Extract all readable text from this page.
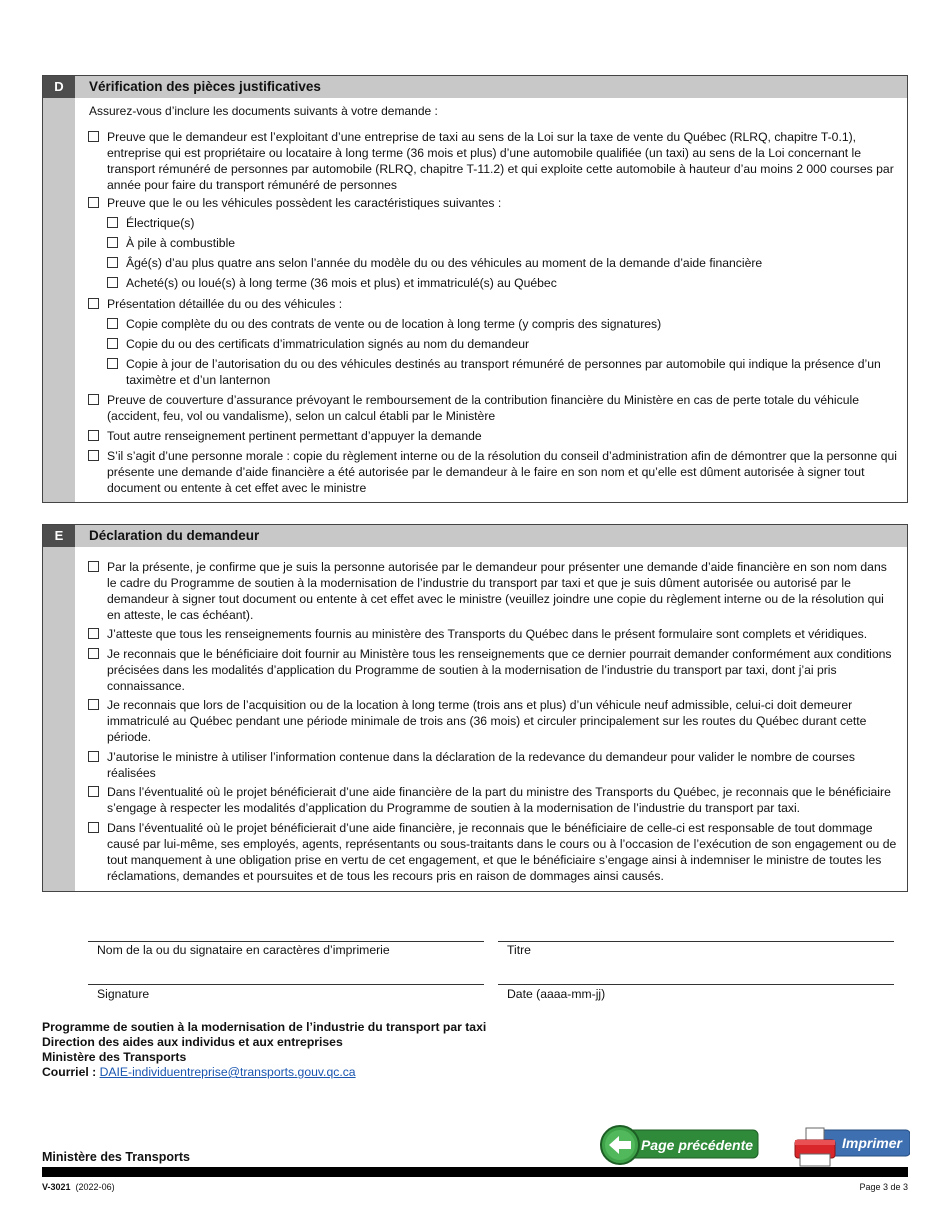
D	Vérification des pièces justificatives
Assurez-vous d’inclure les documents suivants à votre demande :
Preuve que le demandeur est l’exploitant d’une entreprise de taxi au sens de la Loi sur la taxe de vente du Québec (RLRQ, chapitre T-0.1), entreprise qui est propriétaire ou locataire à long terme (36 mois et plus) d’une automobile qualifiée (un taxi) au sens de la Loi concernant le transport rémunéré de personnes par automobile (RLRQ, chapitre T-11.2) et qui exploite cette automobile à hauteur d’au moins 2 000 courses par année pour faire du transport rémunéré de personnes
Preuve que le ou les véhicules possèdent les caractéristiques suivantes :
Électrique(s)
À pile à combustible
Âgé(s) d’au plus quatre ans selon l’année du modèle du ou des véhicules au moment de la demande d’aide financière
Acheté(s) ou loué(s) à long terme (36 mois et plus) et immatriculé(s) au Québec
Présentation détaillée du ou des véhicules :
Copie complète du ou des contrats de vente ou de location à long terme (y compris des signatures)
Copie du ou des certificats d’immatriculation signés au nom du demandeur
Copie à jour de l’autorisation du ou des véhicules destinés au transport rémunéré de personnes par automobile qui indique la présence d’un taximètre et d’un lanternon
Preuve de couverture d’assurance prévoyant le remboursement de la contribution financière du Ministère en cas de perte totale du véhicule (accident, feu, vol ou vandalisme), selon un calcul établi par le Ministère
Tout autre renseignement pertinent permettant d’appuyer la demande
S’il s’agit d’une personne morale : copie du règlement interne ou de la résolution du conseil d’administration afin de démontrer que la personne qui présente une demande d’aide financière a été autorisée par le demandeur à le faire en son nom et qu’elle est dûment autorisée à signer tout document ou entente à cet effet avec le ministre
E	Déclaration du demandeur
Par la présente, je confirme que je suis la personne autorisée par le demandeur pour présenter une demande d’aide financière en son nom dans le cadre du Programme de soutien à la modernisation de l’industrie du transport par taxi et que je suis dûment autorisée ou autorisé par le demandeur à signer tout document ou entente à cet effet avec le ministre (veuillez joindre une copie du règlement interne ou de la résolution qui en atteste, le cas échéant).
J’atteste que tous les renseignements fournis au ministère des Transports du Québec dans le présent formulaire sont complets et véridiques.
Je reconnais que le bénéficiaire doit fournir au Ministère tous les renseignements que ce dernier pourrait demander conformément aux conditions précisées dans les modalités d’application du Programme de soutien à la modernisation de l’industrie du transport par taxi, dont j’ai pris connaissance.
Je reconnais que lors de l’acquisition ou de la location à long terme (trois ans et plus) d’un véhicule neuf admissible, celui-ci doit demeurer immatriculé au Québec pendant une période minimale de trois ans (36 mois) et circuler principalement sur les routes du Québec durant cette période.
J’autorise le ministre à utiliser l’information contenue dans la déclaration de la redevance du demandeur pour valider le nombre de courses réalisées
Dans l’éventualité où le projet bénéficierait d’une aide financière de la part du ministre des Transports du Québec, je reconnais que le bénéficiaire s’engage à respecter les modalités d’application du Programme de soutien à la modernisation de l’industrie du transport par taxi.
Dans l’éventualité où le projet bénéficierait d’une aide financière, je reconnais que le bénéficiaire de celle-ci est responsable de tout dommage causé par lui-même, ses employés, agents, représentants ou sous-traitants dans le cours ou à l’occasion de l’exécution de son engagement ou de tout manquement à une obligation prise en vertu de cet engagement, et que le bénéficiaire s’engage ainsi à indemniser le ministre de toutes les réclamations, demandes et poursuites et de tous les recours pris en raison de dommages ainsi causés.
Nom de la ou du signataire en caractères d’imprimerie	Titre
Signature	Date (aaaa-mm-jj)
Programme de soutien à la modernisation de l’industrie du transport par taxi
Direction des aides aux individus et aux entreprises
Ministère des Transports
Courriel : DAIE-individuentreprise@transports.gouv.qc.ca
Page précédente	Imprimer
Ministère des Transports
V-3021 (2022-06)	Page 3 de 3
